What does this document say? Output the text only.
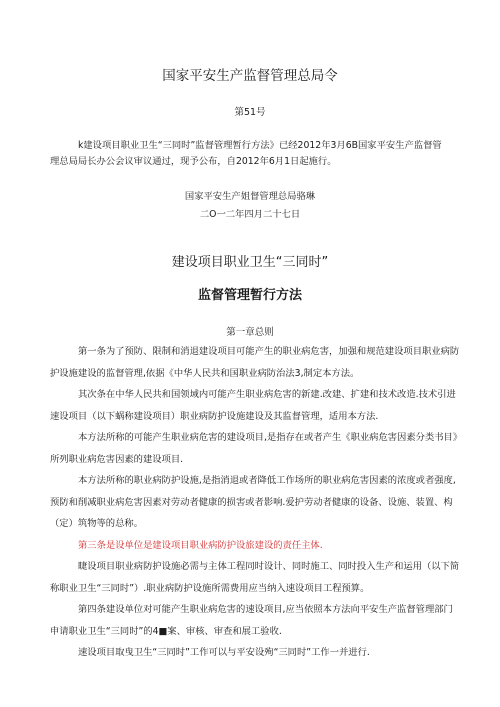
国家平安生产监督管理总局令
第51号
k建设项目职业卫生“三同时”监督管理暂行方法》已经2012年3月6B国家平安生产监督管
理总局局长办公会议审议通过，现予公布，自2012年6月1日起施行。
国家平安生产姐督管理总局骆琳
二O一二年四月二十七日
建设项目职业卫生“三同时”
监督管理暂行方法
第一章总则
第一条为了预防、限制和消退建设项目可能产生的职业病危害，加强和规范建设项目职业病防
护设施建设的监督管理,依据《中华人民共和国职业病防治法3,制定本方法。
其次条在中华人民共和国领域内可能产生职业病危害的新建.改建、扩建和技术改造.技术引进
速设项目（以下蜗称建设项目）职业病防护设施建设及其监督管理，适用本方法.
本方法所称的可能产生职业病危害的建设项目,是指存在或者产生《职业病危害因素分类书目》
所列职业病危害因素的建设项目.
本方法所称的职业病防护设施,是指消退或者降低工作场所的职业病危害因素的浓度或者强度,
预防和削减职业病危害因素对劳动者健康的损害或者影响.爱护劳动者健康的设备、设施、装置、构
（定）筑物等的总称。
第三条是设单位是建设项目职业病防护设旅建设的责任主体.
睫设项目职业病防护设施必需与主体工程同时设计、同时施工、同时投入生产和运用（以下简
称职业卫生“三同时”）.职业病防护设施所需费用应当纳入速设项目工程预算。
第四条建设单位对可能产生职业病危害的速设项目,应当依照本方法向平安生产监督管理部门
申请职业卫生“三同时”的4■案、审核、审查和展工验收.
速设项目取曳卫生“三同时”工作可以与平安设殉“三同时”工作一并进行.
